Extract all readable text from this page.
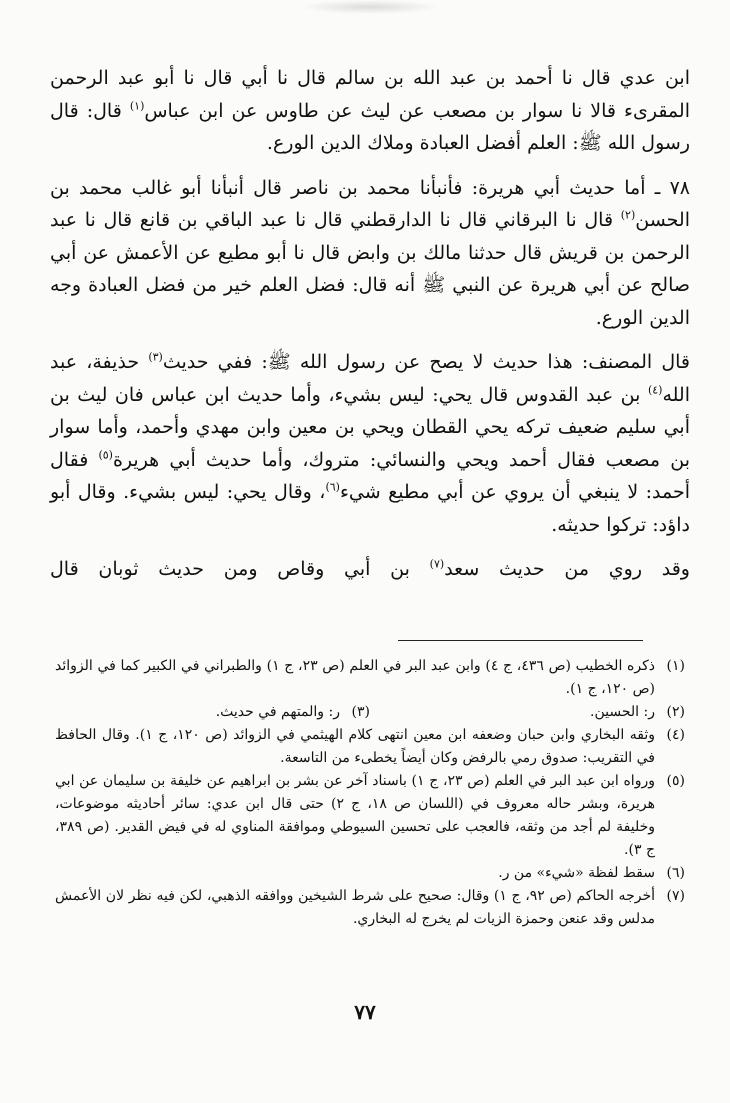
ابن عدي قال نا أحمد بن عبد الله بن سالم قال نا أبي قال نا أبو عبد الرحمن المقرىء قالا نا سوار بن مصعب عن ليث عن طاوس عن ابن عباس$^{(١)}$ قال: قال رسول الله ﷺ: العلم أفضل العبادة وملاك الدين الورع.

٧٨ ـ أما حديث أبي هريرة: فأنبأنا محمد بن ناصر قال أنبأنا أبو غالب محمد بن الحسن$^{(٢)}$ قال نا البرقاني قال نا الدارقطني قال نا عبد الباقي بن قانع قال نا عبد الرحمن بن قريش قال حدثنا مالك بن وابض قال نا أبو مطيع عن الأعمش عن أبي صالح عن أبي هريرة عن النبي ﷺ أنه قال: فضل العلم خير من فضل العبادة وجه الدين الورع.

قال المصنف: هذا حديث لا يصح عن رسول الله ﷺ: ففي حديث$^{(٣)}$ حذيفة، عبد الله$^{(٤)}$ بن عبد القدوس قال يحي: ليس بشيء، وأما حديث ابن عباس فان ليث بن أبي سليم ضعيف تركه يحي القطان ويحي بن معين وابن مهدي وأحمد، وأما سوار بن مصعب فقال أحمد ويحي والنسائي: متروك، وأما حديث أبي هريرة$^{(٥)}$ فقال أحمد: لا ينبغي أن يروي عن أبي مطيع شيء$^{(٦)}$، وقال يحي: ليس بشيء. وقال أبو داؤد: تركوا حديثه.

وقد روي من حديث سعد$^{(٧)}$ بن أبي وقاص ومن حديث ثوبان قال

(١)
ذكره الخطيب (ص ٤٣٦، ج ٤) وابن عبد البر في العلم (ص ٢٣، ج ١) والطبراني في الكبير كما في الزوائد (ص ١٢٠، ج ١).
(٢)
ر: الحسين.
(٣)
ر: والمتهم في حديث.
(٤)
وثقه البخاري وابن حبان وضعفه ابن معين انتهى كلام الهيثمي في الزوائد (ص ١٢٠، ج ١). وقال الحافظ في التقريب: صدوق رمي بالرفض وكان أيضاً يخطىء من التاسعة.
(٥)
ورواه ابن عبد البر في العلم (ص ٢٣، ج ١) باسناد آخر عن بشر بن ابراهيم عن خليفة بن سليمان عن ابي هريرة، وبشر حاله معروف في (اللسان ص ١٨، ج ٢) حتى قال ابن عدي: سائر أحاديثه موضوعات، وخليفة لم أجد من وثقه، فالعجب على تحسين السيوطي وموافقة المناوي له في فيض القدير. (ص ٣٨٩، ج ٣).
(٦)
سقط لفظة «شيء» من ر.
(٧)
أخرجه الحاكم (ص ٩٢، ج ١) وقال: صحيح على شرط الشيخين ووافقه الذهبي، لكن فيه نظر لان الأعمش مدلس وقد عنعن وحمزة الزيات لم يخرج له البخاري.
٧٧
